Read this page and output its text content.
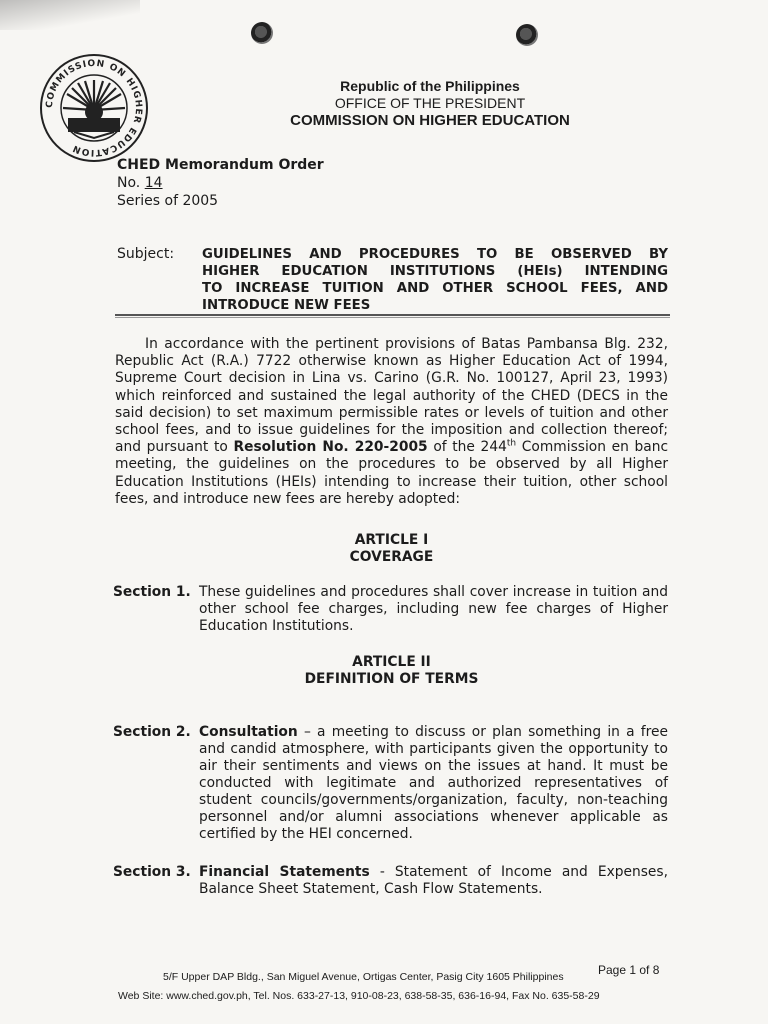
COMMISSION ON HIGHER EDUCATION
Republic of the Philippines
OFFICE OF THE PRESIDENT
COMMISSION ON HIGHER EDUCATION
CHED Memorandum Order
No. 14
Series of 2005
Subject: GUIDELINES AND PROCEDURES TO BE OBSERVED BY
HIGHER EDUCATION INSTITUTIONS (HEIs) INTENDING
TO INCREASE TUITION AND OTHER SCHOOL FEES, AND
INTRODUCE NEW FEES

In accordance with the pertinent provisions of Batas Pambansa Blg. 232, Republic Act (R.A.) 7722 otherwise known as Higher Education Act of 1994, Supreme Court decision in Lina vs. Carino (G.R. No. 100127, April 23, 1993) which reinforced and sustained the legal authority of the CHED (DECS in the said decision) to set maximum permissible rates or levels of tuition and other school fees, and to issue guidelines for the imposition and collection thereof; and pursuant to Resolution No. 220-2005 of the 244th Commission en banc meeting, the guidelines on the procedures to be observed by all Higher Education Institutions (HEIs) intending to increase their tuition, other school fees, and introduce new fees are hereby adopted:

ARTICLE I
COVERAGE
Section 1. These guidelines and procedures shall cover increase in tuition and other school fee charges, including new fee charges of Higher Education Institutions.
ARTICLE II
DEFINITION OF TERMS
Section 2. Consultation – a meeting to discuss or plan something in a free and candid atmosphere, with participants given the opportunity to air their sentiments and views on the issues at hand. It must be conducted with legitimate and authorized representatives of student councils/governments/organization, faculty, non-teaching personnel and/or alumni associations whenever applicable as certified by the HEI concerned.
Section 3. Financial Statements - Statement of Income and Expenses, Balance Sheet Statement, Cash Flow Statements.
Page 1 of 8
5/F Upper DAP Bldg., San Miguel Avenue, Ortigas Center, Pasig City 1605 Philippines
Web Site: www.ched.gov.ph, Tel. Nos. 633-27-13, 910-08-23, 638-58-35, 636-16-94, Fax No. 635-58-29
